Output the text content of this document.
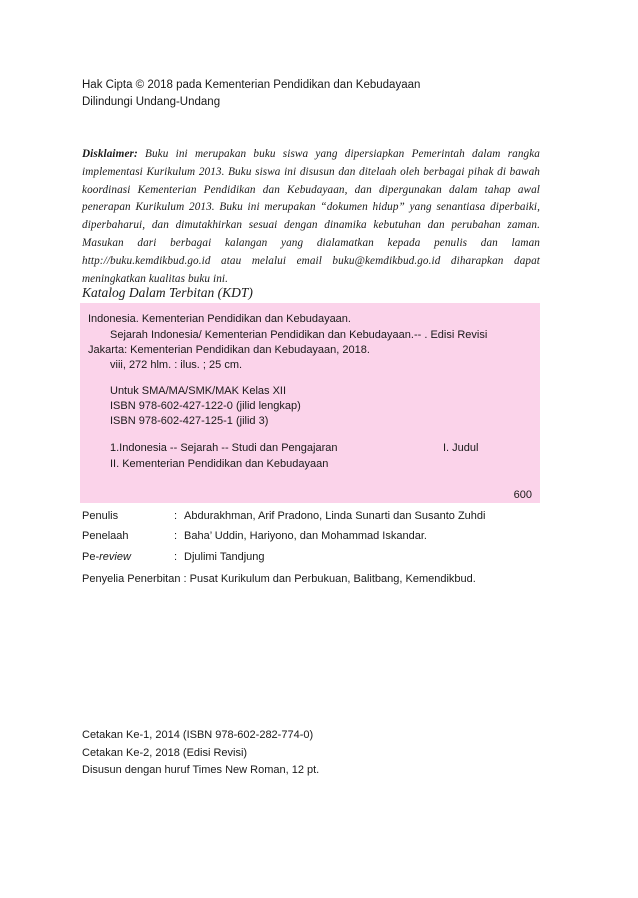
Hak Cipta © 2018 pada Kementerian Pendidikan dan Kebudayaan
Dilindungi Undang-Undang
Disklaimer: Buku ini merupakan buku siswa yang dipersiapkan Pemerintah dalam rangka implementasi Kurikulum 2013. Buku siswa ini disusun dan ditelaah oleh berbagai pihak di bawah koordinasi Kementerian Pendidikan dan Kebudayaan, dan dipergunakan dalam tahap awal penerapan Kurikulum 2013. Buku ini merupakan “dokumen hidup” yang senantiasa diperbaiki, diperbaharui, dan dimutakhirkan sesuai dengan dinamika kebutuhan dan perubahan zaman. Masukan dari berbagai kalangan yang dialamatkan kepada penulis dan laman http://buku.kemdikbud.go.id atau melalui email buku@kemdikbud.go.id diharapkan dapat meningkatkan kualitas buku ini.
Katalog Dalam Terbitan (KDT)
Indonesia. Kementerian Pendidikan dan Kebudayaan.
Sejarah Indonesia/ Kementerian Pendidikan dan Kebudayaan.-- . Edisi Revisi
Jakarta: Kementerian Pendidikan dan Kebudayaan, 2018.
viii, 272 hlm. : ilus. ; 25 cm.
Untuk SMA/MA/SMK/MAK Kelas XII
ISBN 978-602-427-122-0 (jilid lengkap)
ISBN 978-602-427-125-1 (jilid 3)
1.Indonesia -- Sejarah -- Studi dan Pengajaran	I. Judul
II. Kementerian Pendidikan dan Kebudayaan
600
Penulis	: Abdurakhman, Arif Pradono, Linda Sunarti dan Susanto Zuhdi
Penelaah	: Baha’ Uddin, Hariyono, dan Mohammad Iskandar.
Pe-review	: Djulimi Tandjung
Penyelia Penerbitan : Pusat Kurikulum dan Perbukuan, Balitbang, Kemendikbud.
Cetakan Ke-1, 2014 (ISBN 978-602-282-774-0)
Cetakan Ke-2, 2018 (Edisi Revisi)
Disusun dengan huruf Times New Roman, 12 pt.
